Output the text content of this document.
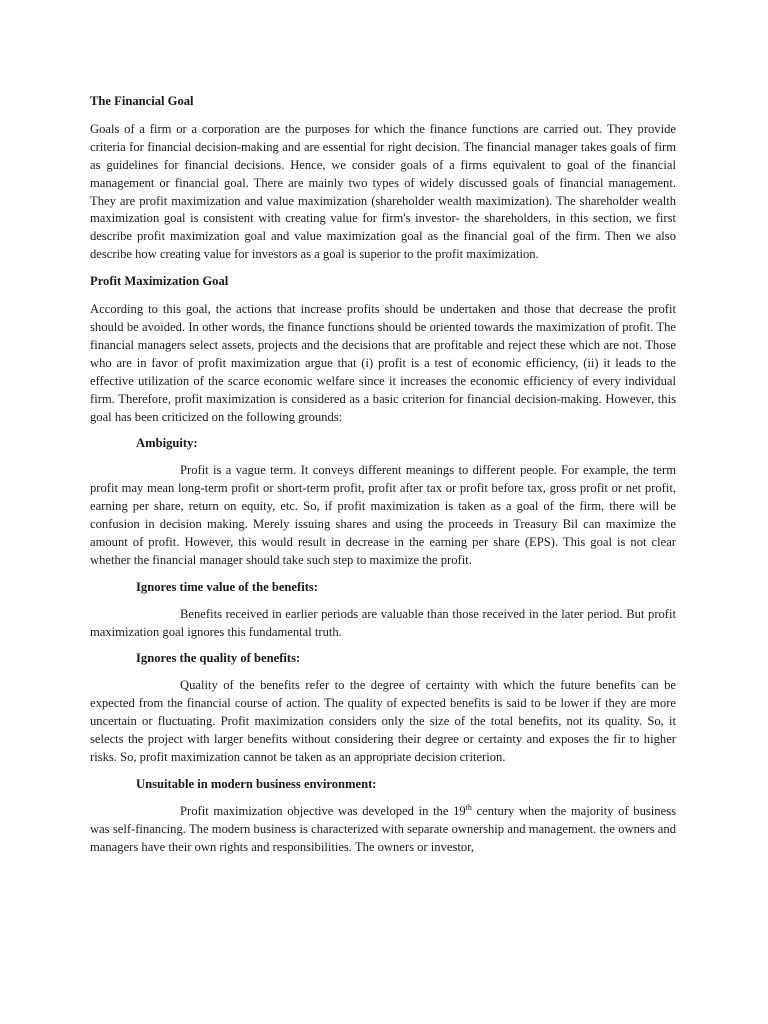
The Financial Goal

Goals of a firm or a corporation are the purposes for which the finance functions are carried out. They provide criteria for financial decision-making and are essential for right decision. The financial manager takes goals of firm as guidelines for financial decisions. Hence, we consider goals of a firms equivalent to goal of the financial management or financial goal. There are mainly two types of widely discussed goals of financial management. They are profit maximization and value maximization (shareholder wealth maximization). The shareholder wealth maximization goal is consistent with creating value for firm's investor- the shareholders, in this section, we first describe profit maximization goal and value maximization goal as the financial goal of the firm. Then we also describe how creating value for investors as a goal is superior to the profit maximization.

Profit Maximization Goal

According to this goal, the actions that increase profits should be undertaken and those that decrease the profit should be avoided. In other words, the finance functions should be oriented towards the maximization of profit. The financial managers select assets, projects and the decisions that are profitable and reject these which are not. Those who are in favor of profit maximization argue that (i) profit is a test of economic efficiency, (ii) it leads to the effective utilization of the scarce economic welfare since it increases the economic efficiency of every individual firm. Therefore, profit maximization is considered as a basic criterion for financial decision-making. However, this goal has been criticized on the following grounds:

Ambiguity:

Profit is a vague term. It conveys different meanings to different people. For example, the term profit may mean long-term profit or short-term profit, profit after tax or profit before tax, gross profit or net profit, earning per share, return on equity, etc. So, if profit maximization is taken as a goal of the firm, there will be confusion in decision making. Merely issuing shares and using the proceeds in Treasury Bil can maximize the amount of profit. However, this would result in decrease in the earning per share (EPS). This goal is not clear whether the financial manager should take such step to maximize the profit.

Ignores time value of the benefits:

Benefits received in earlier periods are valuable than those received in the later period. But profit maximization goal ignores this fundamental truth.

Ignores the quality of benefits:

Quality of the benefits refer to the degree of certainty with which the future benefits can be expected from the financial course of action. The quality of expected benefits is said to be lower if they are more uncertain or fluctuating. Profit maximization considers only the size of the total benefits, not its quality. So, it selects the project with larger benefits without considering their degree or certainty and exposes the fir to higher risks. So, profit maximization cannot be taken as an appropriate decision criterion.

Unsuitable in modern business environment:

Profit maximization objective was developed in the 19th century when the majority of business was self-financing. The modern business is characterized with separate ownership and management. the owners and managers have their own rights and responsibilities. The owners or investor,
